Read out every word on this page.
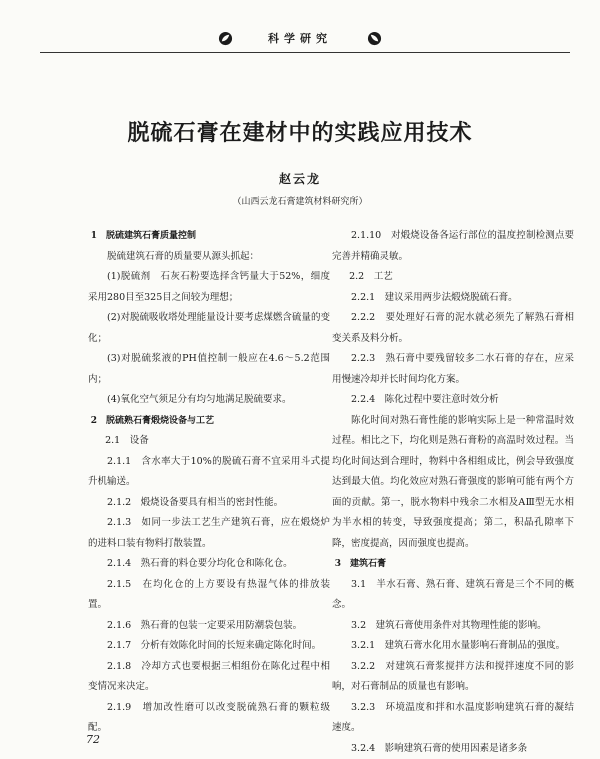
科学研究
脱硫石膏在建材中的实践应用技术
赵云龙
（山西云龙石膏建筑材料研究所）

1　脱硫建筑石膏质量控制

脱硫建筑石膏的质量要从源头抓起：

(1)脱硫剂　石灰石粉要选择含钙量大于52%，细度采用280目至325目之间较为理想；

(2)对脱硫吸收塔处理能量设计要考虑煤燃含硫量的变化；

(3)对脱硫浆液的PH值控制一般应在4.6～5.2范围内；

(4)氧化空气须足分有均匀地满足脱硫要求。

2　脱硫熟石膏煅烧设备与工艺

2.1　设备

2.1.1　含水率大于10%的脱硫石膏不宜采用斗式提升机输送。

2.1.2　煅烧设备要具有相当的密封性能。

2.1.3　如同一步法工艺生产建筑石膏，应在煅烧炉的进料口装有物料打散装置。

2.1.4　熟石膏的料仓要分均化仓和陈化仓。

2.1.5　在均化仓的上方要设有热湿气体的排放装置。

2.1.6　熟石膏的包装一定要采用防潮袋包装。

2.1.7　分析有效陈化时间的长短来确定陈化时间。

2.1.8　冷却方式也要根据三相组份在陈化过程中相变情况来决定。

2.1.9　增加改性磨可以改变脱硫熟石膏的颗粒级配。

2.1.10　对煅烧设备各运行部位的温度控制检测点要完善并精确灵敏。

2.2　工艺

2.2.1　建议采用两步法煅烧脱硫石膏。

2.2.2　要处理好石膏的泥水就必须先了解熟石膏相变关系及料分析。

2.2.3　熟石膏中要残留较多二水石膏的存在，应采用慢速冷却并长时间均化方案。

2.2.4　陈化过程中要注意时效分析

陈化时间对熟石膏性能的影响实际上是一种常温时效过程。相比之下，均化则是熟石膏粉的高温时效过程。当均化时间达到合理时，物料中各相组成比，例会导致强度达到最大值。均化效应对熟石膏强度的影响可能有两个方面的贡献。第一，脱水物料中残余二水相及AⅢ型无水相为半水相的转变，导致强度提高；第二，积晶孔隙率下降，密度提高，因而强度也提高。

3　建筑石膏

3.1　半水石膏、熟石膏、建筑石膏是三个不同的概念。

3.2　建筑石膏使用条件对其物理性能的影响。

3.2.1　建筑石膏水化用水量影响石膏制品的强度。

3.2.2　对建筑石膏浆搅拌方法和搅拌速度不同的影响，对石膏制品的质量也有影响。

3.2.3　环境温度和拌和水温度影响建筑石膏的凝结速度。

3.2.4　影响建筑石膏的使用因素是诸多条

72
